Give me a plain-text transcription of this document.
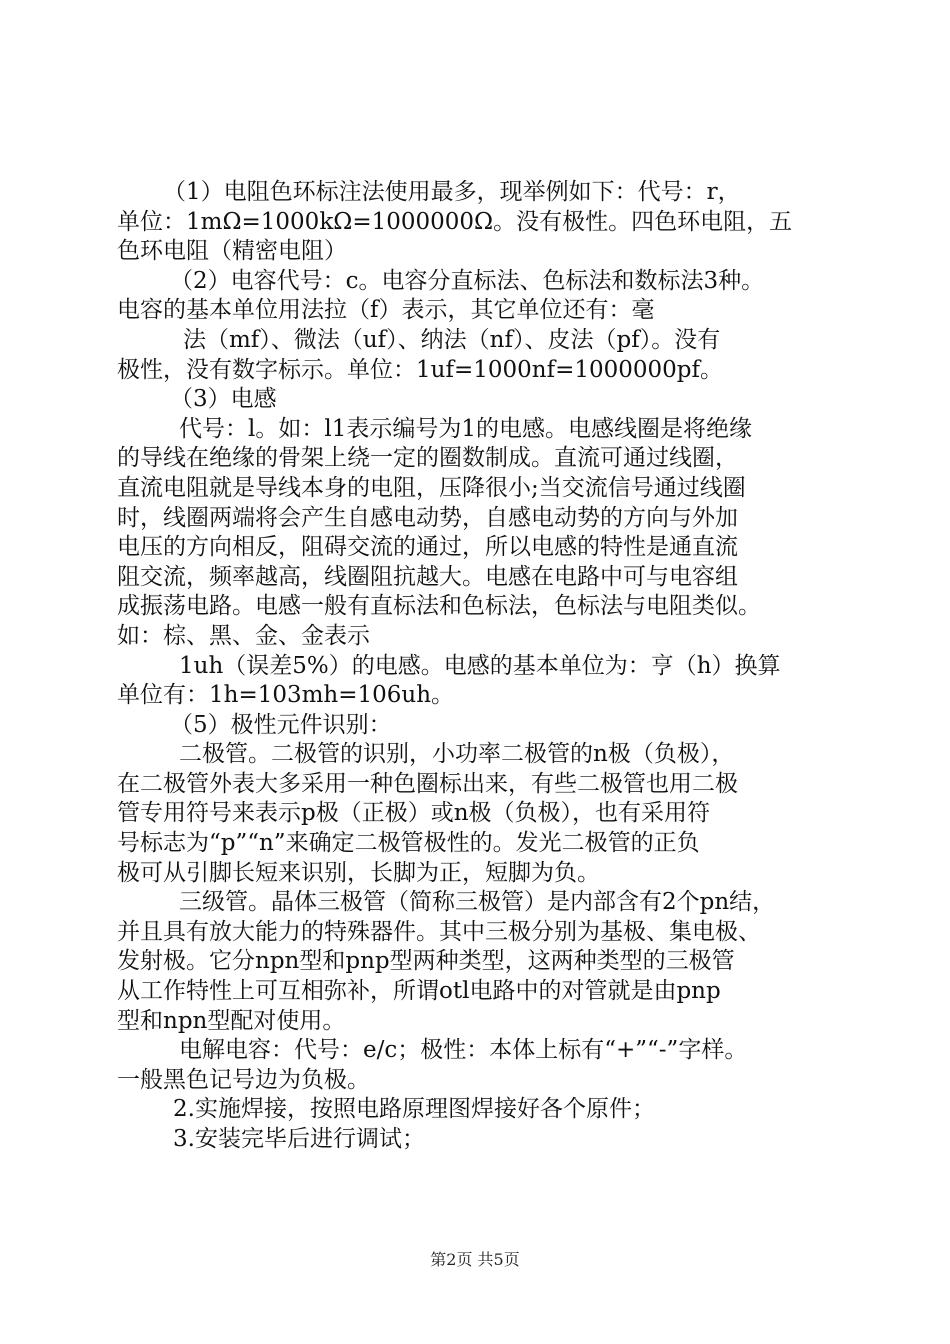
（1）电阻色环标注法使用最多，现举例如下：代号：r，
单位：1mΩ=1000kΩ=1000000Ω。没有极性。四色环电阻，五
色环电阻（精密电阻）
（2）电容代号：c。电容分直标法、色标法和数标法3种。
电容的基本单位用法拉（f）表示，其它单位还有：毫
法（mf）、微法（uf）、纳法（nf）、皮法（pf）。没有
极性，没有数字标示。单位：1uf=1000nf=1000000pf。
（3）电感
代号：l。如：l1表示编号为1的电感。电感线圈是将绝缘
的导线在绝缘的骨架上绕一定的圈数制成。直流可通过线圈，
直流电阻就是导线本身的电阻，压降很小;当交流信号通过线圈
时，线圈两端将会产生自感电动势，自感电动势的方向与外加
电压的方向相反，阻碍交流的通过，所以电感的特性是通直流
阻交流，频率越高，线圈阻抗越大。电感在电路中可与电容组
成振荡电路。电感一般有直标法和色标法，色标法与电阻类似。
如：棕、黑、金、金表示
1uh（误差5%）的电感。电感的基本单位为：亨（h）换算
单位有：1h=103mh=106uh。
（5）极性元件识别：
二极管。二极管的识别，小功率二极管的n极（负极），
在二极管外表大多采用一种色圈标出来，有些二极管也用二极
管专用符号来表示p极（正极）或n极（负极），也有采用符
号标志为“p”“n”来确定二极管极性的。发光二极管的正负
极可从引脚长短来识别，长脚为正，短脚为负。
三级管。晶体三极管（简称三极管）是内部含有2个pn结，
并且具有放大能力的特殊器件。其中三极分别为基极、集电极、
发射极。它分npn型和pnp型两种类型，这两种类型的三极管
从工作特性上可互相弥补，所谓otl电路中的对管就是由pnp
型和npn型配对使用。
电解电容：代号：e/c；极性：本体上标有“+”“-”字样。
一般黑色记号边为负极。
2.实施焊接，按照电路原理图焊接好各个原件；
3.安装完毕后进行调试；
第2页 共5页
